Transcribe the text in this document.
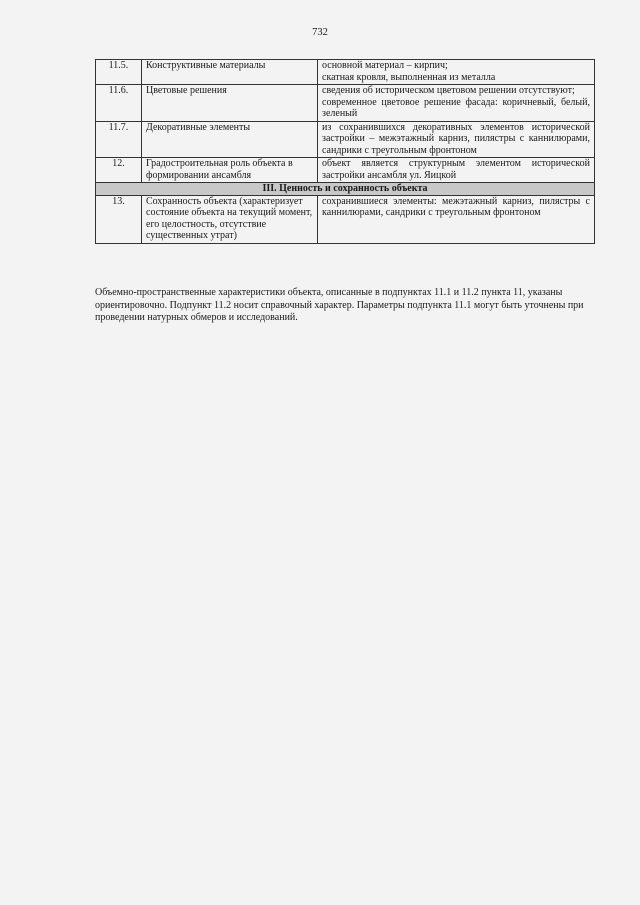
732
11.5.	Конструктивные материалы	основной материал – кирпич;
скатная кровля, выполненная из металла

11.6.	Цветовые решения	сведения об историческом цветовом решении отсутствуют;
современное цветовое решение фасада: коричневый, белый, зеленый

11.7.	Декоративные элементы	из сохранившихся декоративных элементов исторической застройки – межэтажный карниз, пилястры с каннилюрами, сандрики с треугольным фронтоном
12.	Градостроительная роль объекта в формировании ансамбля	объект является структурным элементом исторической застройки ансамбля ул. Яицкой
III. Ценность и сохранность объекта		
13.	Сохранность объекта (характеризует состояние объекта на текущий момент, его целостность, отсутствие существенных утрат)	сохранившиеся элементы: межэтажный карниз, пилястры с каннилюрами, сандрики с треугольным фронтоном
Объемно-пространственные характеристики объекта, описанные в подпунктах 11.1 и 11.2 пункта 11, указаны ориентировочно. Подпункт 11.2 носит справочный характер. Параметры подпункта 11.1 могут быть уточнены при проведении натурных обмеров и исследований.
